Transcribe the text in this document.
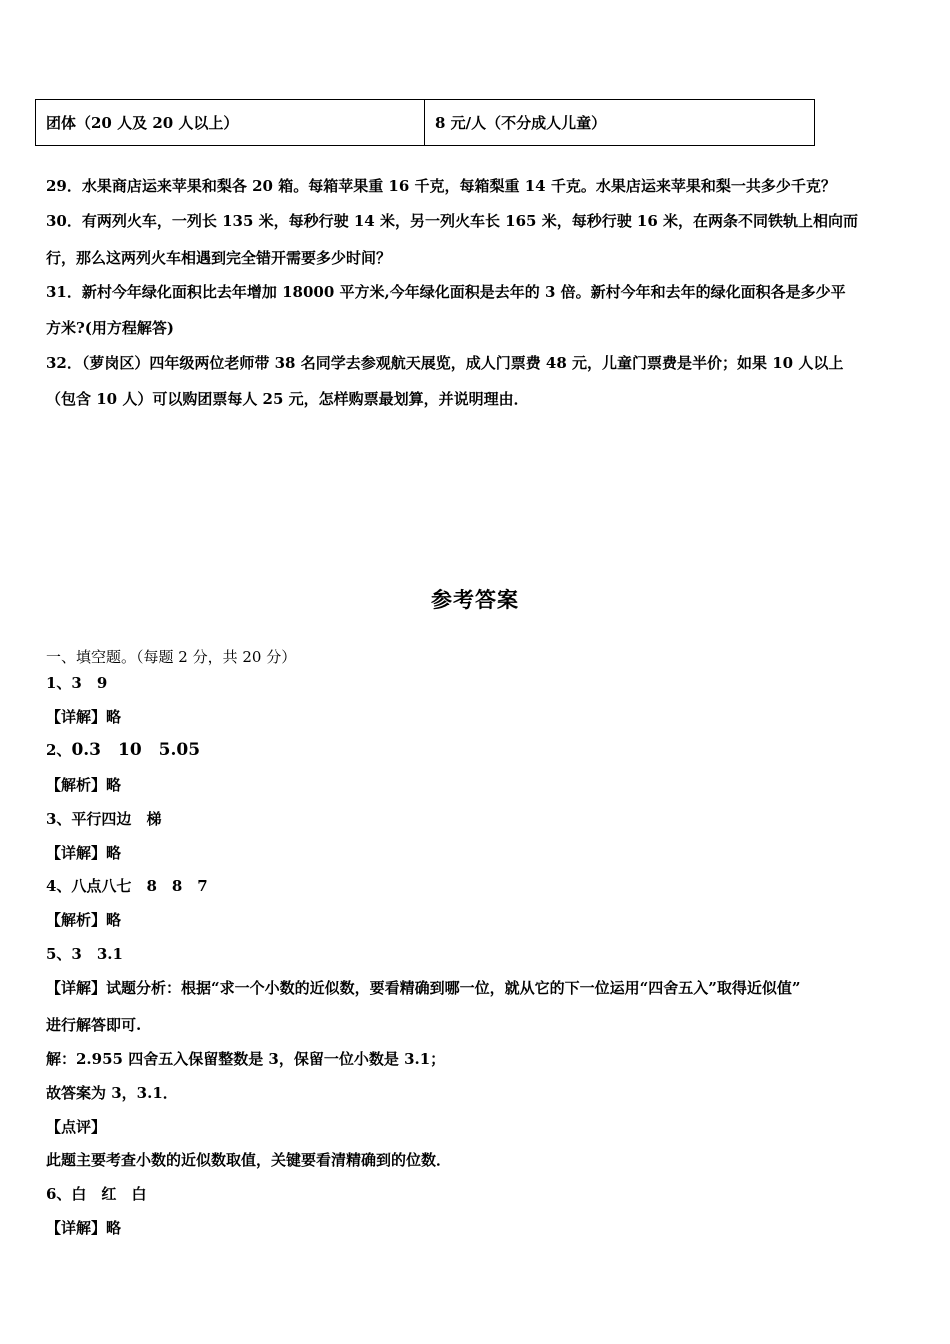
团体（20 人及 20 人以上）	8 元/人（不分成人儿童）

29．水果商店运来苹果和梨各 20 箱。每箱苹果重 16 千克，每箱梨重 14 千克。水果店运来苹果和梨一共多少千克？

30．有两列火车，一列长 135 米，每秒行驶 14 米，另一列火车长 165 米，每秒行驶 16 米，在两条不同铁轨上相向而

行，那么这两列火车相遇到完全错开需要多少时间？

31．新村今年绿化面积比去年增加 18000 平方米,今年绿化面积是去年的 3 倍。新村今年和去年的绿化面积各是多少平

方米?(用方程解答)

32．（萝岗区）四年级两位老师带 38 名同学去参观航天展览，成人门票费 48 元，儿童门票费是半价；如果 10 人以上

（包含 10 人）可以购团票每人 25 元，怎样购票最划算，并说明理由．

参考答案

一、填空题。（每题 2 分，共 20 分）

1、3　9

【详解】略

2、0.3　10　5.05

【解析】略

3、平行四边　梯

【详解】略

4、八点八七　8　8　7

【解析】略

5、3　3.1

【详解】试题分析：根据“求一个小数的近似数，要看精确到哪一位，就从它的下一位运用“四舍五入”取得近似值”

进行解答即可.

解：2.955 四舍五入保留整数是 3，保留一位小数是 3.1；

故答案为 3，3.1．

【点评】

此题主要考查小数的近似数取值，关键要看清精确到的位数．

6、白　红　白

【详解】略
